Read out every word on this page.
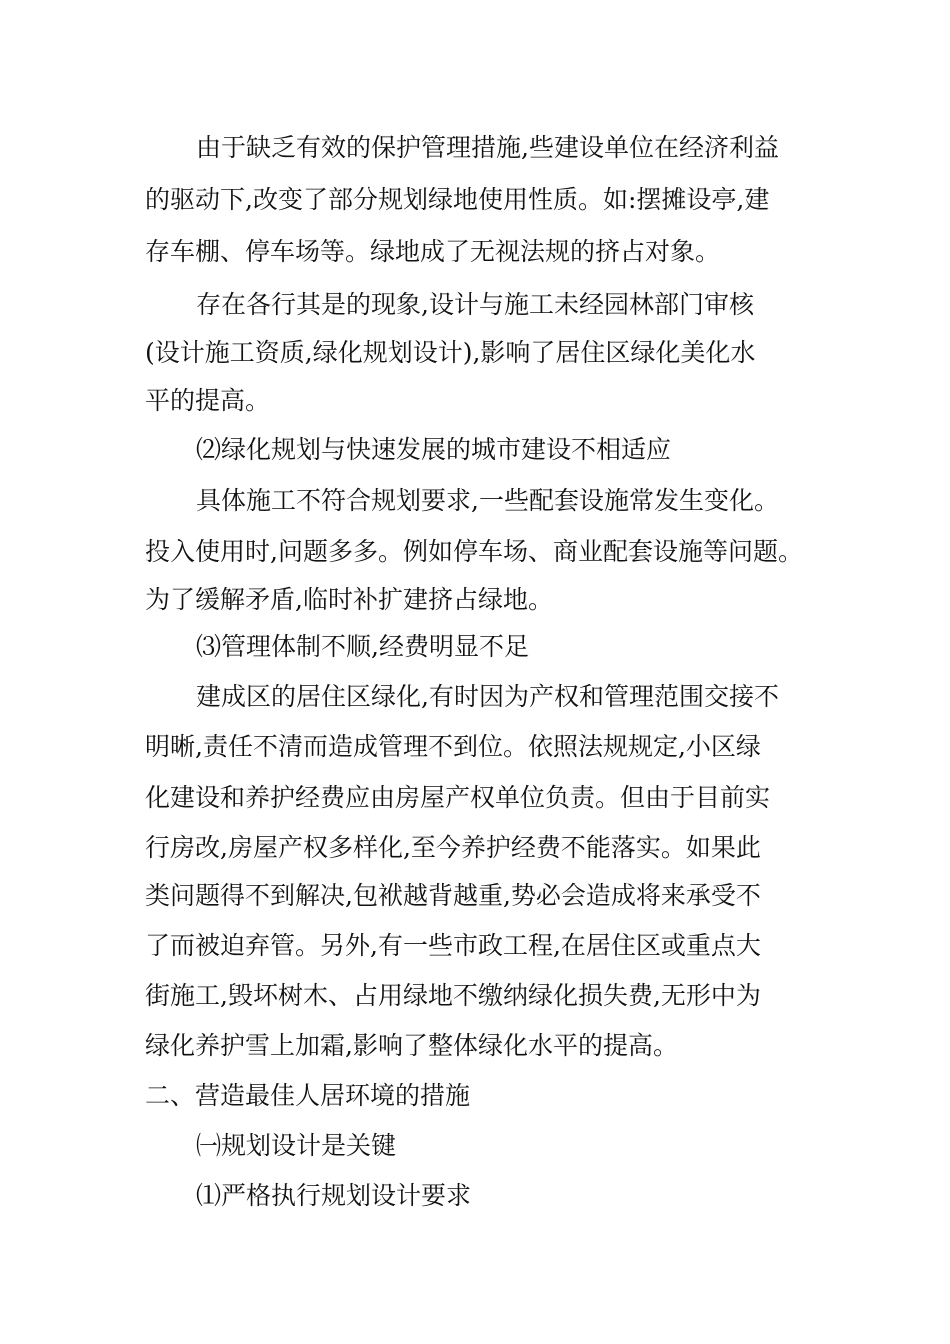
由于缺乏有效的保护管理措施,些建设单位在经济利益
的驱动下,改变了部分规划绿地使用性质。如:摆摊设亭,建
存车棚、停车场等。绿地成了无视法规的挤占对象。
存在各行其是的现象,设计与施工未经园林部门审核
(设计施工资质,绿化规划设计),影响了居住区绿化美化水
平的提高。
⑵绿化规划与快速发展的城市建设不相适应
具体施工不符合规划要求,一些配套设施常发生变化。
投入使用时,问题多多。例如停车场、商业配套设施等问题。
为了缓解矛盾,临时补扩建挤占绿地。
⑶管理体制不顺,经费明显不足
建成区的居住区绿化,有时因为产权和管理范围交接不
明晰,责任不清而造成管理不到位。依照法规规定,小区绿
化建设和养护经费应由房屋产权单位负责。但由于目前实
行房改,房屋产权多样化,至今养护经费不能落实。如果此
类问题得不到解决,包袱越背越重,势必会造成将来承受不
了而被迫弃管。另外,有一些市政工程,在居住区或重点大
街施工,毁坏树木、占用绿地不缴纳绿化损失费,无形中为
绿化养护雪上加霜,影响了整体绿化水平的提高。
二、营造最佳人居环境的措施
㈠规划设计是关键
⑴严格执行规划设计要求
